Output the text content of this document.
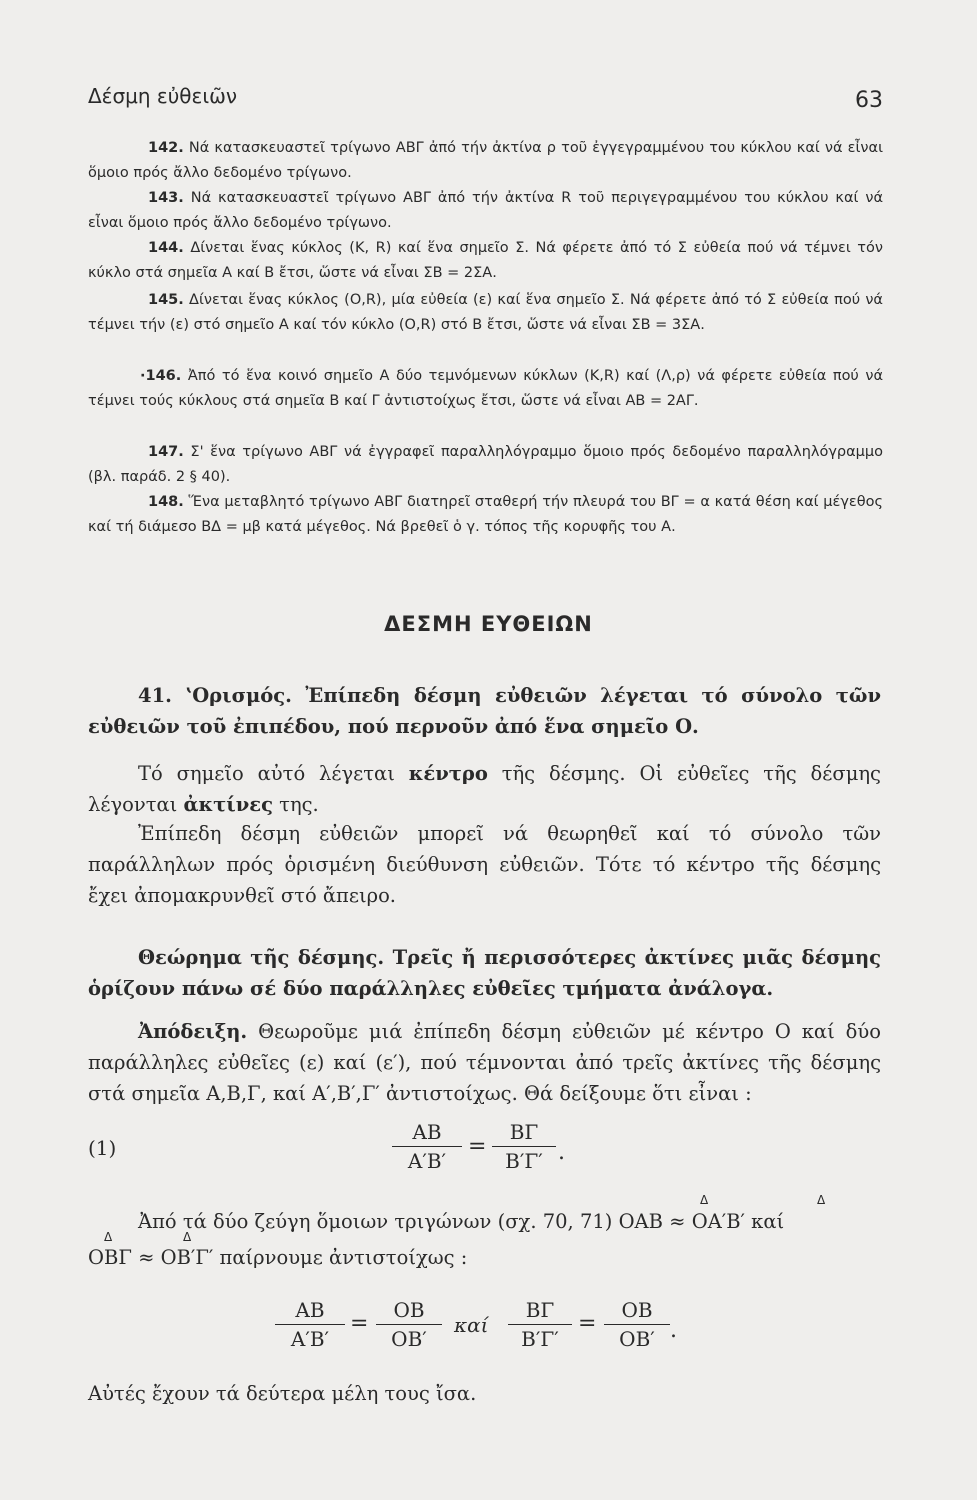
Δέσμη εὐθειῶν	63
142. Νά κατασκευαστεῖ τρίγωνο ΑΒΓ ἀπό τήν ἀκτίνα ρ τοῦ ἐγγεγραμμένου του κύκλου καί νά εἶναι ὅμοιο πρός ἄλλο δεδομένο τρίγωνο.
143. Νά κατασκευαστεῖ τρίγωνο ΑΒΓ ἀπό τήν ἀκτίνα R τοῦ περιγεγραμμένου του κύκλου καί νά εἶναι ὅμοιο πρός ἄλλο δεδομένο τρίγωνο.
144. Δίνεται ἕνας κύκλος (K, R) καί ἕνα σημεῖο Σ. Νά φέρετε ἀπό τό Σ εὐθεία πού νά τέμνει τόν κύκλο στά σημεῖα Α καί Β ἔτσι, ὥστε νά εἶναι ΣΒ = 2ΣΑ.
145. Δίνεται ἕνας κύκλος (O,R), μία εὐθεία (ε) καί ἕνα σημεῖο Σ. Νά φέρετε ἀπό τό Σ εὐθεία πού νά τέμνει τήν (ε) στό σημεῖο Α καί τόν κύκλο (O,R) στό Β ἔτσι, ὥστε νά εἶναι ΣΒ = 3ΣΑ.
·146. Ἀπό τό ἕνα κοινό σημεῖο Α δύο τεμνόμενων κύκλων (K,R) καί (Λ,ρ) νά φέρετε εὐθεία πού νά τέμνει τούς κύκλους στά σημεῖα Β καί Γ ἀντιστοίχως ἔτσι, ὥστε νά εἶναι ΑΒ = 2ΑΓ.
147. Σ' ἕνα τρίγωνο ΑΒΓ νά ἐγγραφεῖ παραλληλόγραμμο ὅμοιο πρός δεδομένο παραλληλόγραμμο (βλ. παράδ. 2 § 40).
148. Ἕνα μεταβλητό τρίγωνο ΑΒΓ διατηρεῖ σταθερή τήν πλευρά του ΒΓ = α κατά θέση καί μέγεθος καί τή διάμεσο ΒΔ = μβ κατά μέγεθος. Νά βρεθεῖ ὁ γ. τόπος τῆς κορυφῆς του Α.
ΔΕΣΜΗ ΕΥΘΕΙΩΝ
41. ʽΟρισμός. Ἐπίπεδη δέσμη εὐθειῶν λέγεται τό σύνολο τῶν εὐθειῶν τοῦ ἐπιπέδου, πού περνοῦν ἀπό ἕνα σημεῖο Ο.
Τό σημεῖο αὐτό λέγεται κέντρο τῆς δέσμης. Οἱ εὐθεῖες τῆς δέσμης λέγονται ἀκτίνες της.
Ἐπίπεδη δέσμη εὐθειῶν μπορεῖ νά θεωρηθεῖ καί τό σύνολο τῶν παράλληλων πρός ὁρισμένη διεύθυνση εὐθειῶν. Τότε τό κέντρο τῆς δέσμης ἔχει ἀπομακρυνθεῖ στό ἄπειρο.
Θεώρημα τῆς δέσμης. Τρεῖς ἤ περισσότερες ἀκτίνες μιᾶς δέσμης ὁρίζουν πάνω σέ δύο παράλληλες εὐθεῖες τμήματα ἀνάλογα.
Ἀπόδειξη. Θεωροῦμε μιά ἐπίπεδη δέσμη εὐθειῶν μέ κέντρο Ο καί δύο παράλληλες εὐθεῖες (ε) καί (ε′), πού τέμνονται ἀπό τρεῖς ἀκτίνες τῆς δέσμης στά σημεῖα Α,Β,Γ, καί Α′,Β′,Γ′ ἀντιστοίχως. Θά δείξουμε ὅτι εἶναι :
(1)	$\frac{AB}{A'B'} = \frac{B\Gamma}{B'\Gamma'}$ .
Δ	Δ
Ἀπό τά δύο ζεύγη ὅμοιων τριγώνων (σχ. 70, 71) OAB ≈ OA′B′ καί
Δ	Δ
OBΓ ≈ OB′Γ′ παίρνουμε ἀντιστοίχως :
$\frac{AB}{A'B'} = \frac{OB}{OB'}$ καί $\frac{B\Gamma}{B'\Gamma'} = \frac{OB}{OB'}$ .
Αὐτές ἔχουν τά δεύτερα μέλη τους ἴσα.
